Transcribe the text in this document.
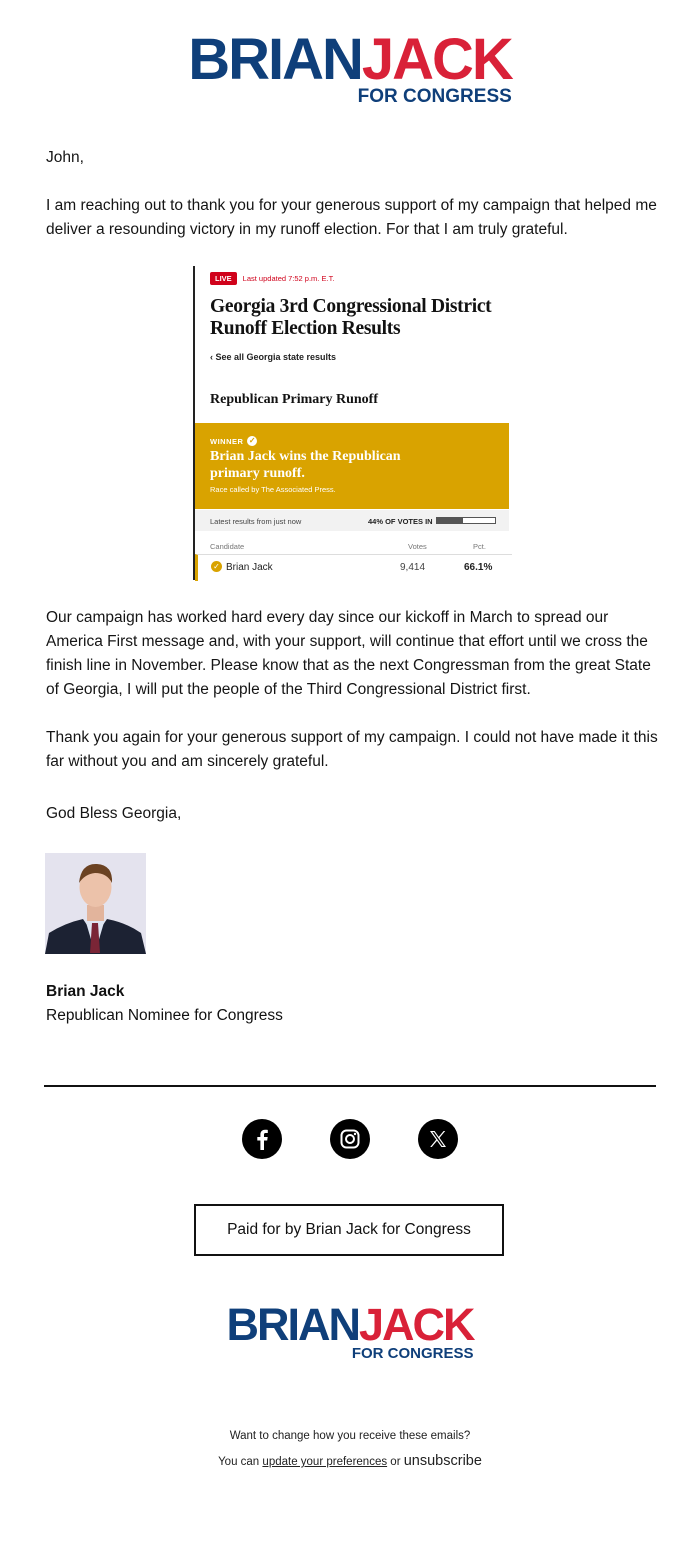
BRIANJACK
FOR CONGRESS
John,
I am reaching out to thank you for your generous support of my campaign that helped me deliver a resounding victory in my runoff election. For that I am truly grateful.
LIVE	Last updated 7:52 p.m. E.T.
Georgia 3rd Congressional District Runoff Election Results
‹ See all Georgia state results
Republican Primary Runoff
WINNER ✓
Brian Jack wins the Republican primary runoff.
Race called by The Associated Press.
Latest results from just now	44% OF VOTES IN
Candidate	Votes	Pct.
✓ Brian Jack	9,414	66.1%
Our campaign has worked hard every day since our kickoff in March to spread our America First message and, with your support, will continue that effort until we cross the finish line in November. Please know that as the next Congressman from the great State of Georgia, I will put the people of the Third Congressional District first.
Thank you again for your generous support of my campaign. I could not have made it this far without you and am sincerely grateful.
God Bless Georgia,
Brian Jack
Republican Nominee for Congress
Paid for by Brian Jack for Congress
BRIANJACK
FOR CONGRESS
Want to change how you receive these emails?
You can update your preferences or unsubscribe
